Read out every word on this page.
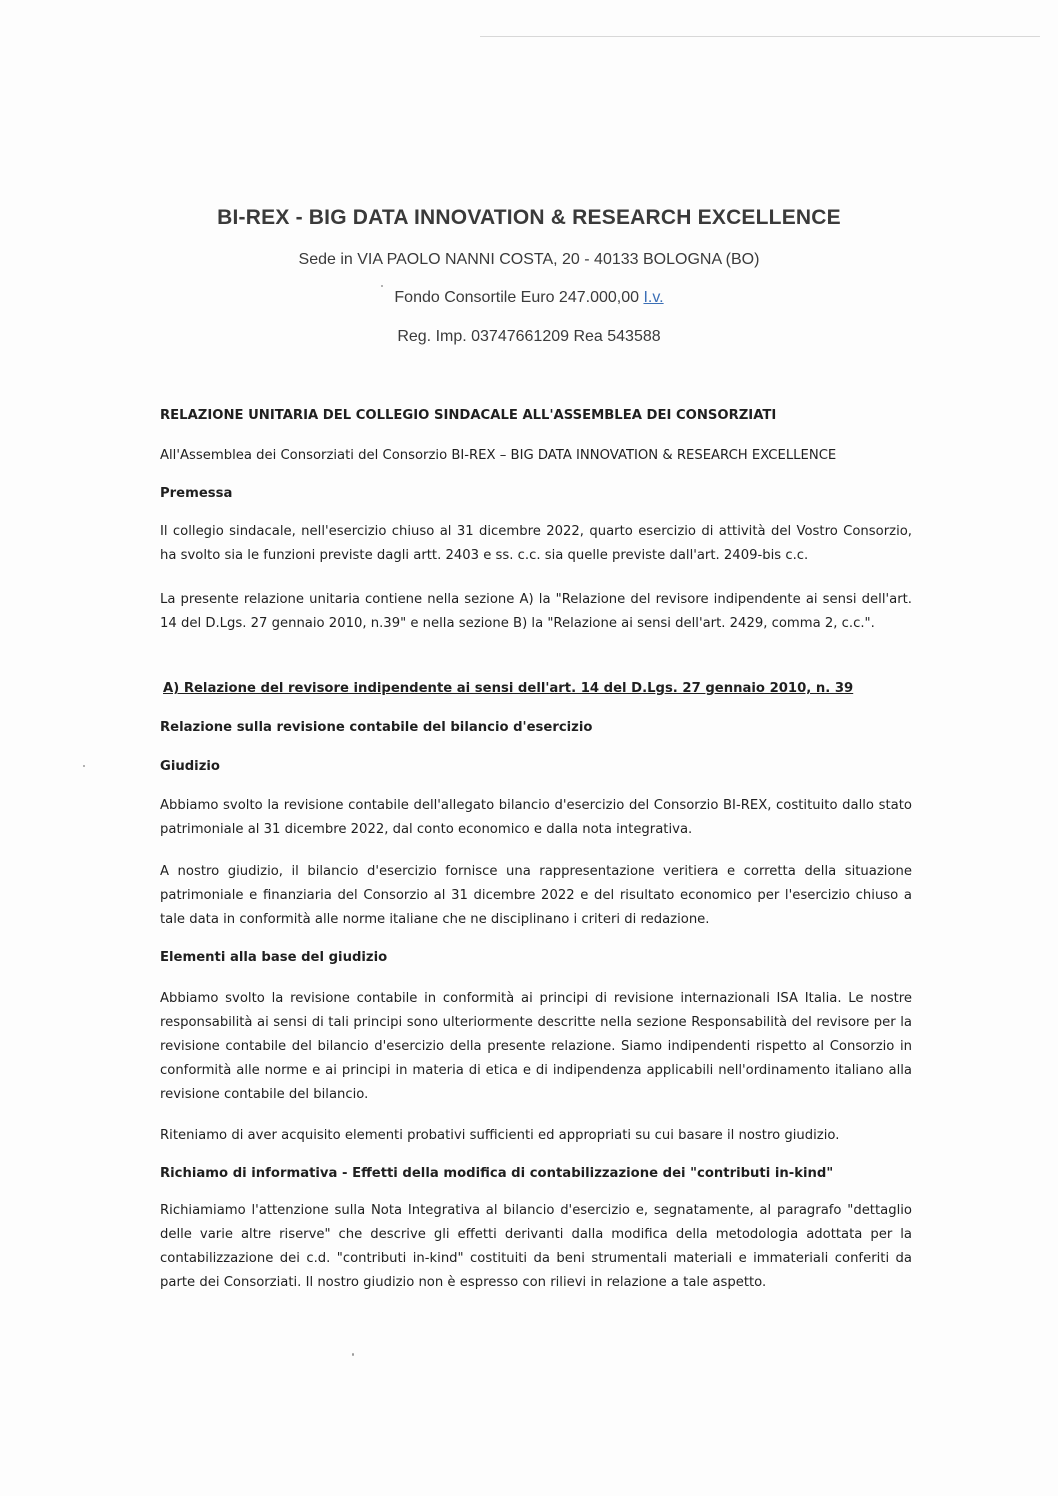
BI-REX - BIG DATA INNOVATION & RESEARCH EXCELLENCE
Sede in VIA PAOLO NANNI COSTA, 20 - 40133 BOLOGNA (BO)
Fondo Consortile Euro 247.000,00 I.v.
Reg. Imp. 03747661209 Rea 543588

RELAZIONE UNITARIA DEL COLLEGIO SINDACALE ALL'ASSEMBLEA DEI CONSORZIATI

All'Assemblea dei Consorziati del Consorzio BI-REX – BIG DATA INNOVATION & RESEARCH EXCELLENCE

Premessa

Il collegio sindacale, nell'esercizio chiuso al 31 dicembre 2022, quarto esercizio di attività del Vostro Consorzio, ha svolto sia le funzioni previste dagli artt. 2403 e ss. c.c. sia quelle previste dall'art. 2409-bis c.c.

La presente relazione unitaria contiene nella sezione A) la "Relazione del revisore indipendente ai sensi dell'art. 14 del D.Lgs. 27 gennaio 2010, n.39" e nella sezione B) la "Relazione ai sensi dell'art. 2429, comma 2, c.c.".

A) Relazione del revisore indipendente ai sensi dell'art. 14 del D.Lgs. 27 gennaio 2010, n. 39

Relazione sulla revisione contabile del bilancio d'esercizio

Giudizio

Abbiamo svolto la revisione contabile dell'allegato bilancio d'esercizio del Consorzio BI-REX, costituito dallo stato patrimoniale al 31 dicembre 2022, dal conto economico e dalla nota integrativa.

A nostro giudizio, il bilancio d'esercizio fornisce una rappresentazione veritiera e corretta della situazione patrimoniale e finanziaria del Consorzio al 31 dicembre 2022 e del risultato economico per l'esercizio chiuso a tale data in conformità alle norme italiane che ne disciplinano i criteri di redazione.

Elementi alla base del giudizio

Abbiamo svolto la revisione contabile in conformità ai principi di revisione internazionali ISA Italia. Le nostre responsabilità ai sensi di tali principi sono ulteriormente descritte nella sezione Responsabilità del revisore per la revisione contabile del bilancio d'esercizio della presente relazione. Siamo indipendenti rispetto al Consorzio in conformità alle norme e ai principi in materia di etica e di indipendenza applicabili nell'ordinamento italiano alla revisione contabile del bilancio.

Riteniamo di aver acquisito elementi probativi sufficienti ed appropriati su cui basare il nostro giudizio.

Richiamo di informativa - Effetti della modifica di contabilizzazione dei "contributi in-kind"

Richiamiamo l'attenzione sulla Nota Integrativa al bilancio d'esercizio e, segnatamente, al paragrafo "dettaglio delle varie altre riserve" che descrive gli effetti derivanti dalla modifica della metodologia adottata per la contabilizzazione dei c.d. "contributi in-kind" costituiti da beni strumentali materiali e immateriali conferiti da parte dei Consorziati. Il nostro giudizio non è espresso con rilievi in relazione a tale aspetto.
